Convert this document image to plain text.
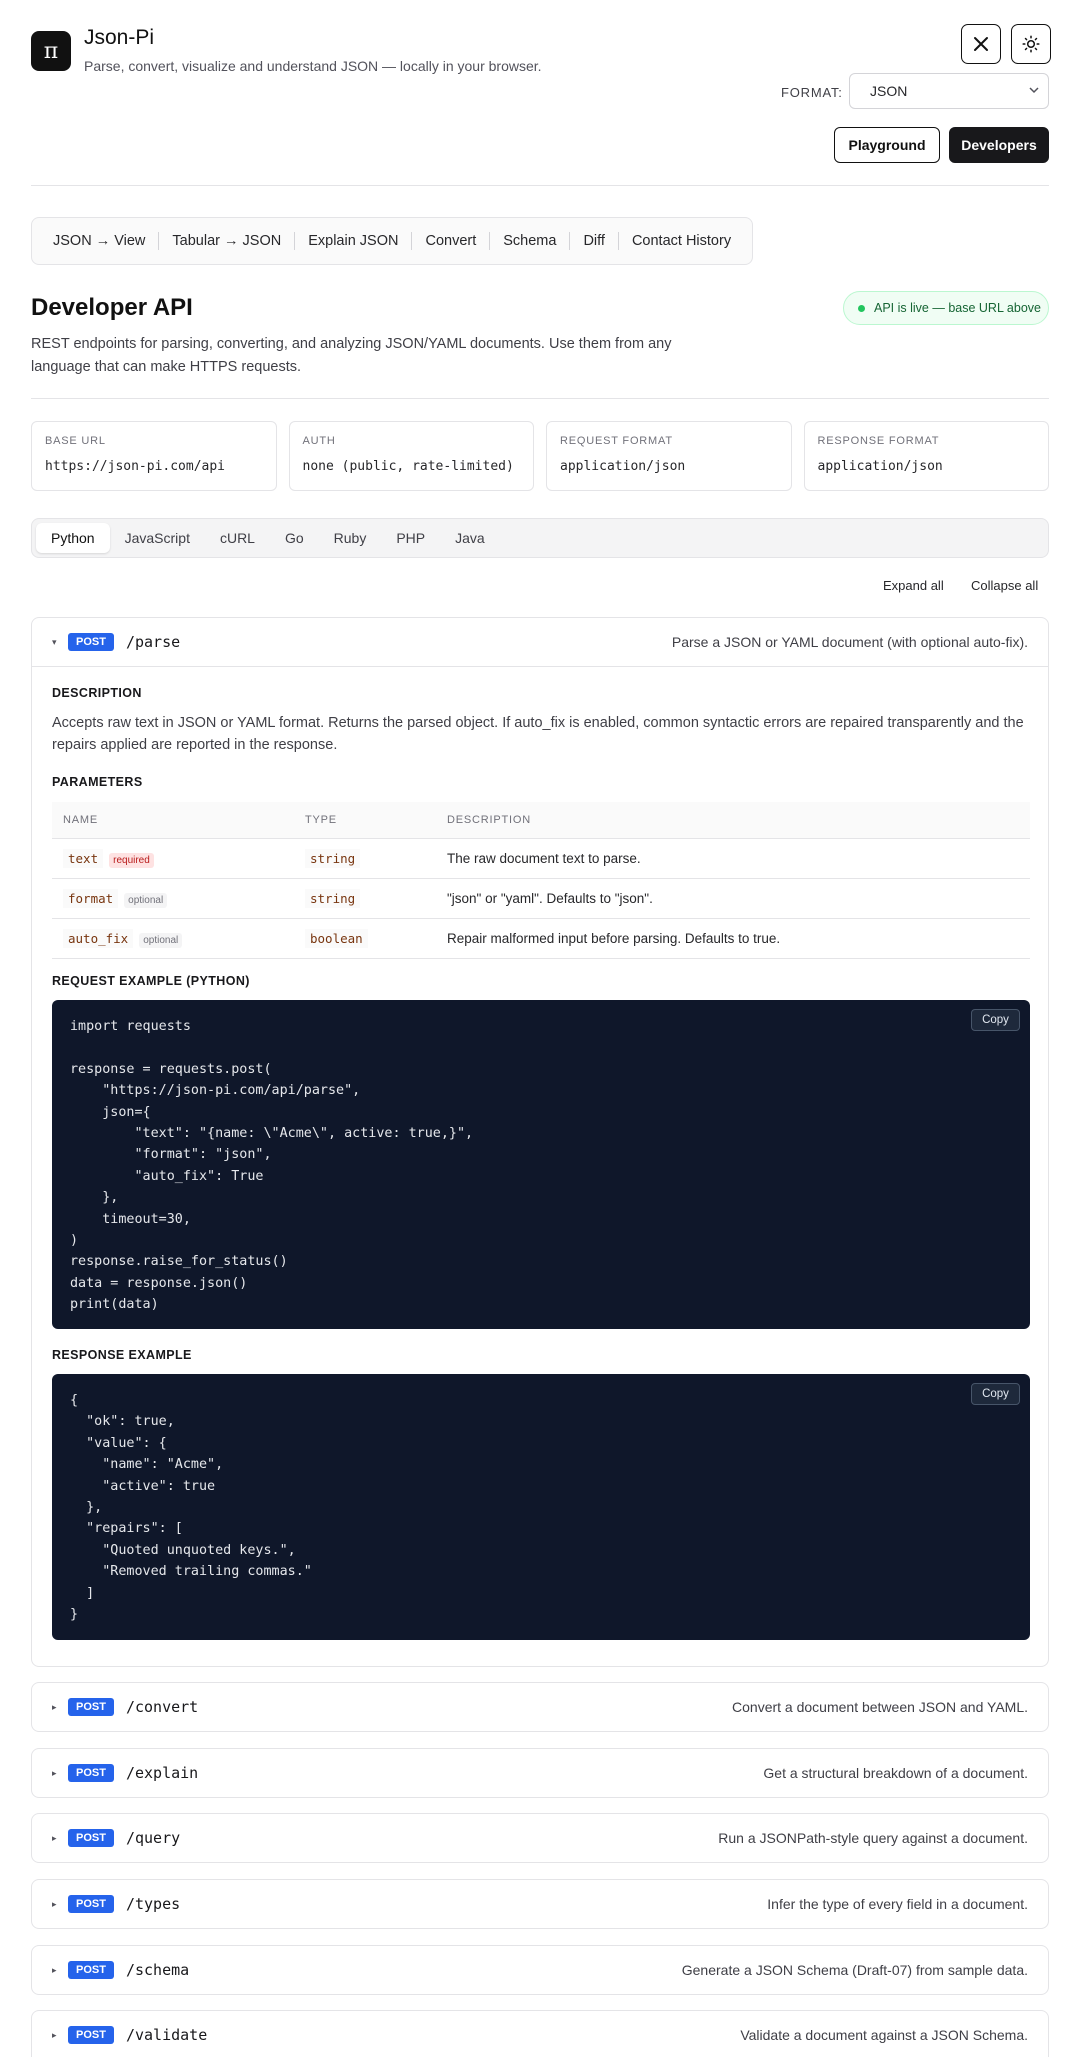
π
Json-Pi
Parse, convert, visualize and understand JSON — locally in your browser.
FORMAT: JSON
Playground	Developers
JSON → View	Tabular → JSON	Explain JSON	Convert	Schema	Diff	Contact History
Developer API
REST endpoints for parsing, converting, and analyzing JSON/YAML documents. Use them from any language that can make HTTPS requests.
API is live — base URL above
BASE URL
https://json-pi.com/api
AUTH
none (public, rate-limited)
REQUEST FORMAT
application/json
RESPONSE FORMAT
application/json
Python	JavaScript	cURL	Go	Ruby	PHP	Java
Expand all Collapse all
▾	POST	/parse	Parse a JSON or YAML document (with optional auto-fix).
DESCRIPTION
Accepts raw text in JSON or YAML format. Returns the parsed object. If auto_fix is enabled, common syntactic errors are repaired transparently and the repairs applied are reported in the response.
PARAMETERS
NAME	TYPE	DESCRIPTION
text required	string	The raw document text to parse.
format optional	string	"json" or "yaml". Defaults to "json".
auto_fix optional	boolean	Repair malformed input before parsing. Defaults to true.
REQUEST EXAMPLE (PYTHON)
import requests

response = requests.post(
"https://json-pi.com/api/parse",
json={
"text": "{name: \"Acme\", active: true,}",
"format": "json",
"auto_fix": True
},
timeout=30,
)
response.raise_for_status()
data = response.json()
print(data)
Copy
RESPONSE EXAMPLE
{
"ok": true,
"value": {
"name": "Acme",
"active": true
},
"repairs": [
"Quoted unquoted keys.",
"Removed trailing commas."
]
}
Copy
▸	POST	/convert	Convert a document between JSON and YAML.
▸	POST	/explain	Get a structural breakdown of a document.
▸	POST	/query	Run a JSONPath-style query against a document.
▸	POST	/types	Infer the type of every field in a document.
▸	POST	/schema	Generate a JSON Schema (Draft-07) from sample data.
▸	POST	/validate	Validate a document against a JSON Schema.
